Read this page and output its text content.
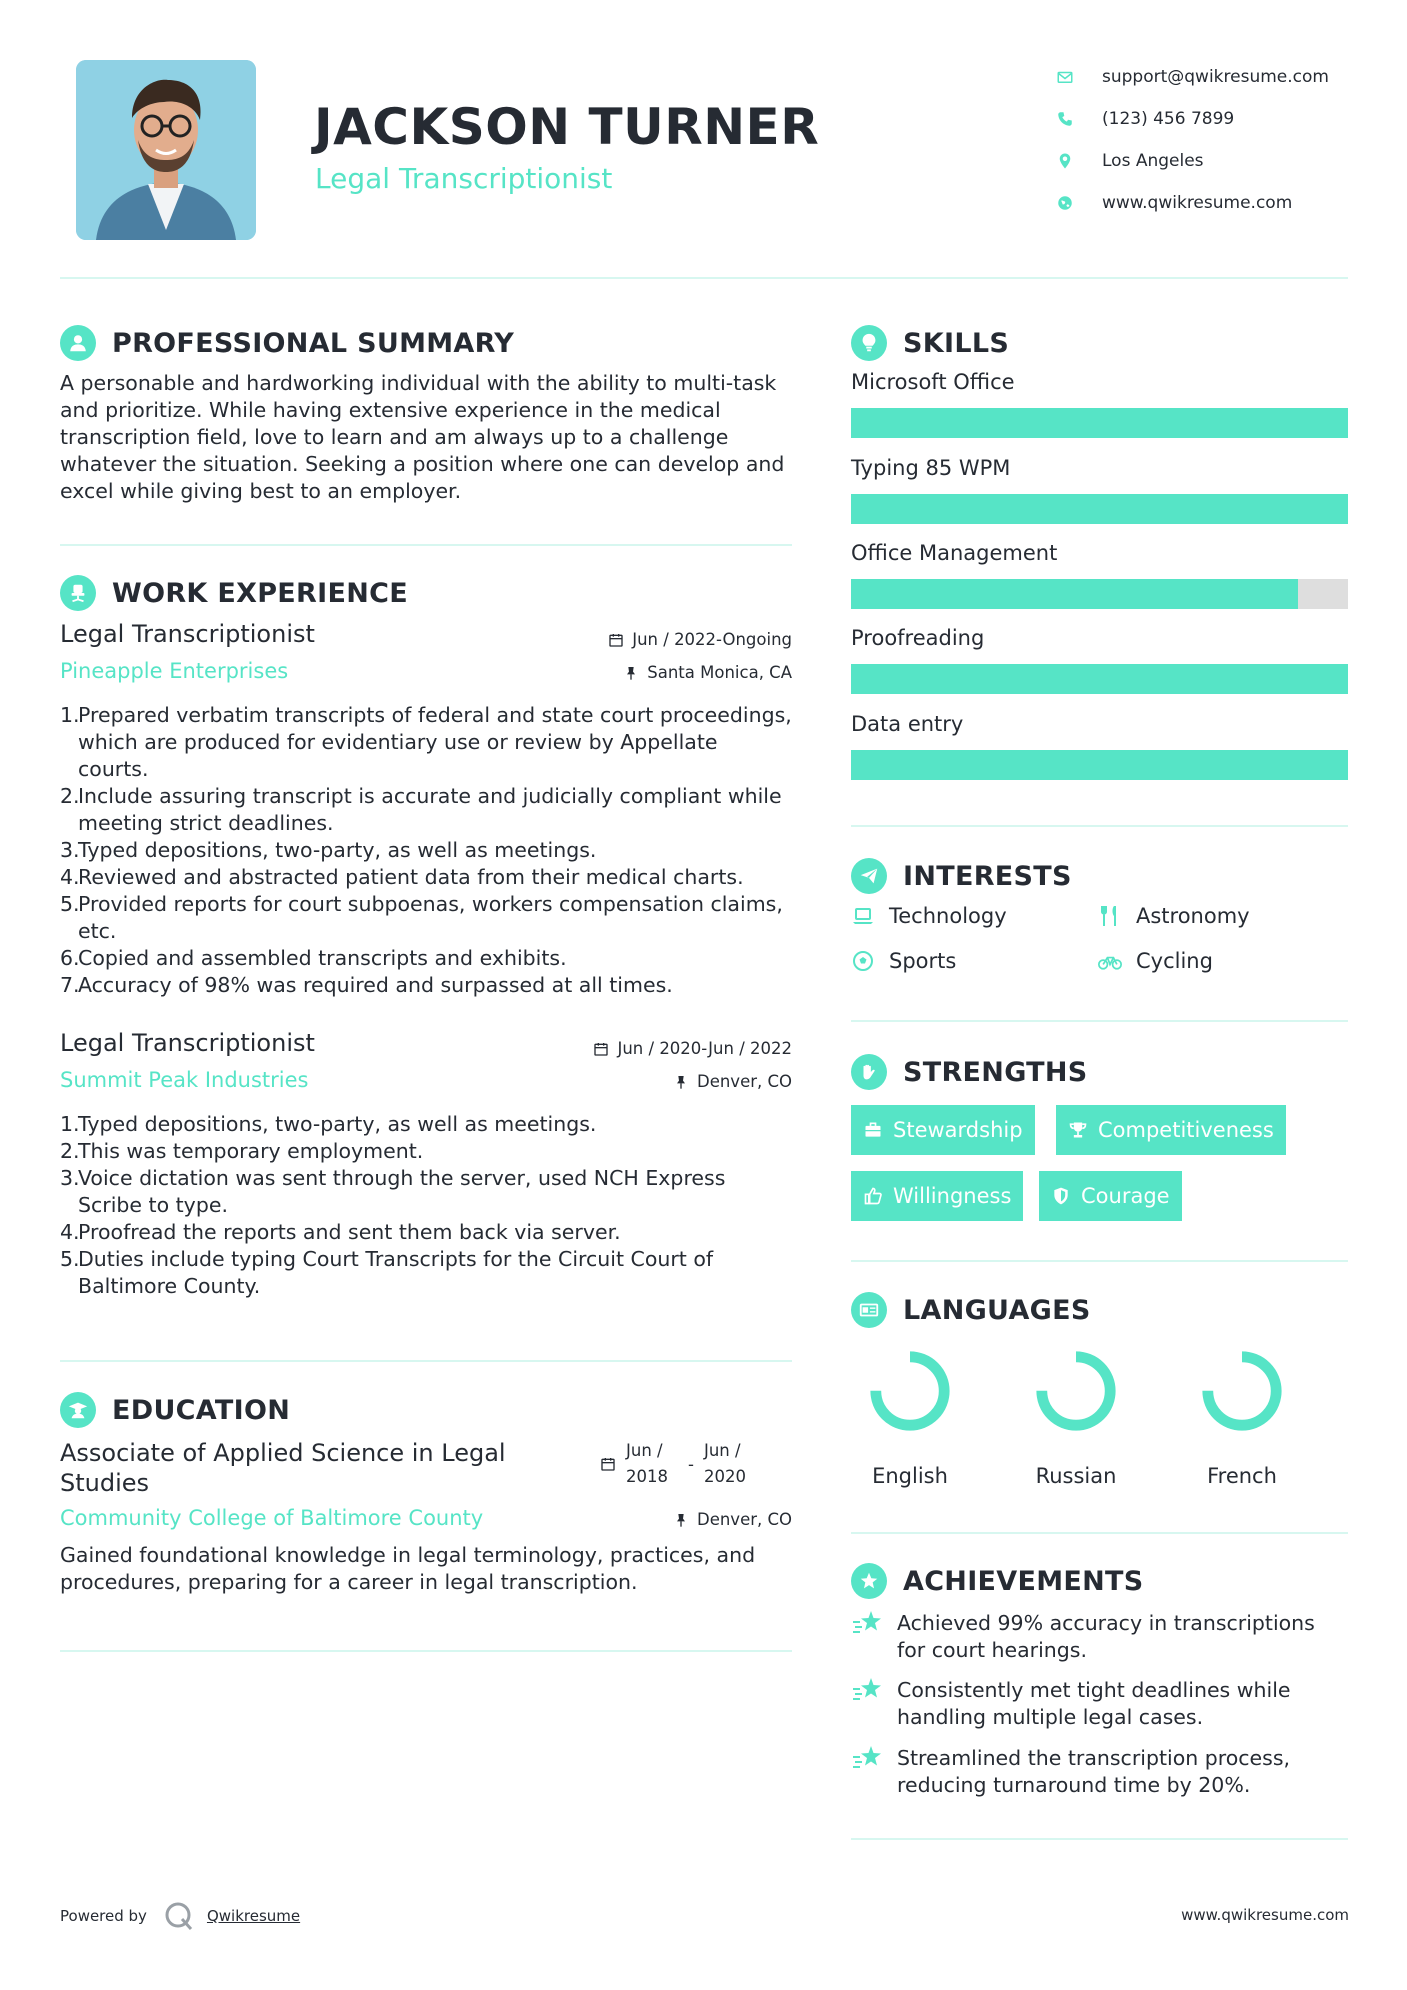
JACKSON TURNER
Legal Transcriptionist
support@qwikresume.com
(123) 456 7899
Los Angeles
www.qwikresume.com
PROFESSIONAL SUMMARY
A personable and hardworking individual with the ability to multi-task and prioritize. While having extensive experience in the medical transcription field, love to learn and am always up to a challenge whatever the situation. Seeking a position where one can develop and excel while giving best to an employer.
WORK EXPERIENCE
Legal Transcriptionist	Jun / 2022-Ongoing
Pineapple Enterprises	Santa Monica, CA
1.
Prepared verbatim transcripts of federal and state court proceedings, which are produced for evidentiary use or review by Appellate courts.
2.
Include assuring transcript is accurate and judicially compliant while meeting strict deadlines.
3.
Typed depositions, two-party, as well as meetings.
4.
Reviewed and abstracted patient data from their medical charts.
5.
Provided reports for court subpoenas, workers compensation claims, etc.
6.
Copied and assembled transcripts and exhibits.
7.
Accuracy of 98% was required and surpassed at all times.
Legal Transcriptionist	Jun / 2020-Jun / 2022
Summit Peak Industries	Denver, CO
1.
Typed depositions, two-party, as well as meetings.
2.
This was temporary employment.
3.
Voice dictation was sent through the server, used NCH Express Scribe to type.
4.
Proofread the reports and sent them back via server.
5.
Duties include typing Court Transcripts for the Circuit Court of Baltimore County.
EDUCATION
Associate of Applied Science in Legal Studies
Jun / 2018
-
Jun / 2020
Community College of Baltimore County	Denver, CO
Gained foundational knowledge in legal terminology, practices, and procedures, preparing for a career in legal transcription.
SKILLS
Microsoft Office
Typing 85 WPM
Office Management
Proofreading
Data entry
INTERESTS
Technology	Astronomy
Sports	Cycling
STRENGTHS
Stewardship	Competitiveness
Willingness	Courage
LANGUAGES
English	Russian	French
ACHIEVEMENTS
Achieved 99% accuracy in transcriptions for court hearings.
Consistently met tight deadlines while handling multiple legal cases.
Streamlined the transcription process, reducing turnaround time by 20%.
Powered by	Qwikresume	www.qwikresume.com
